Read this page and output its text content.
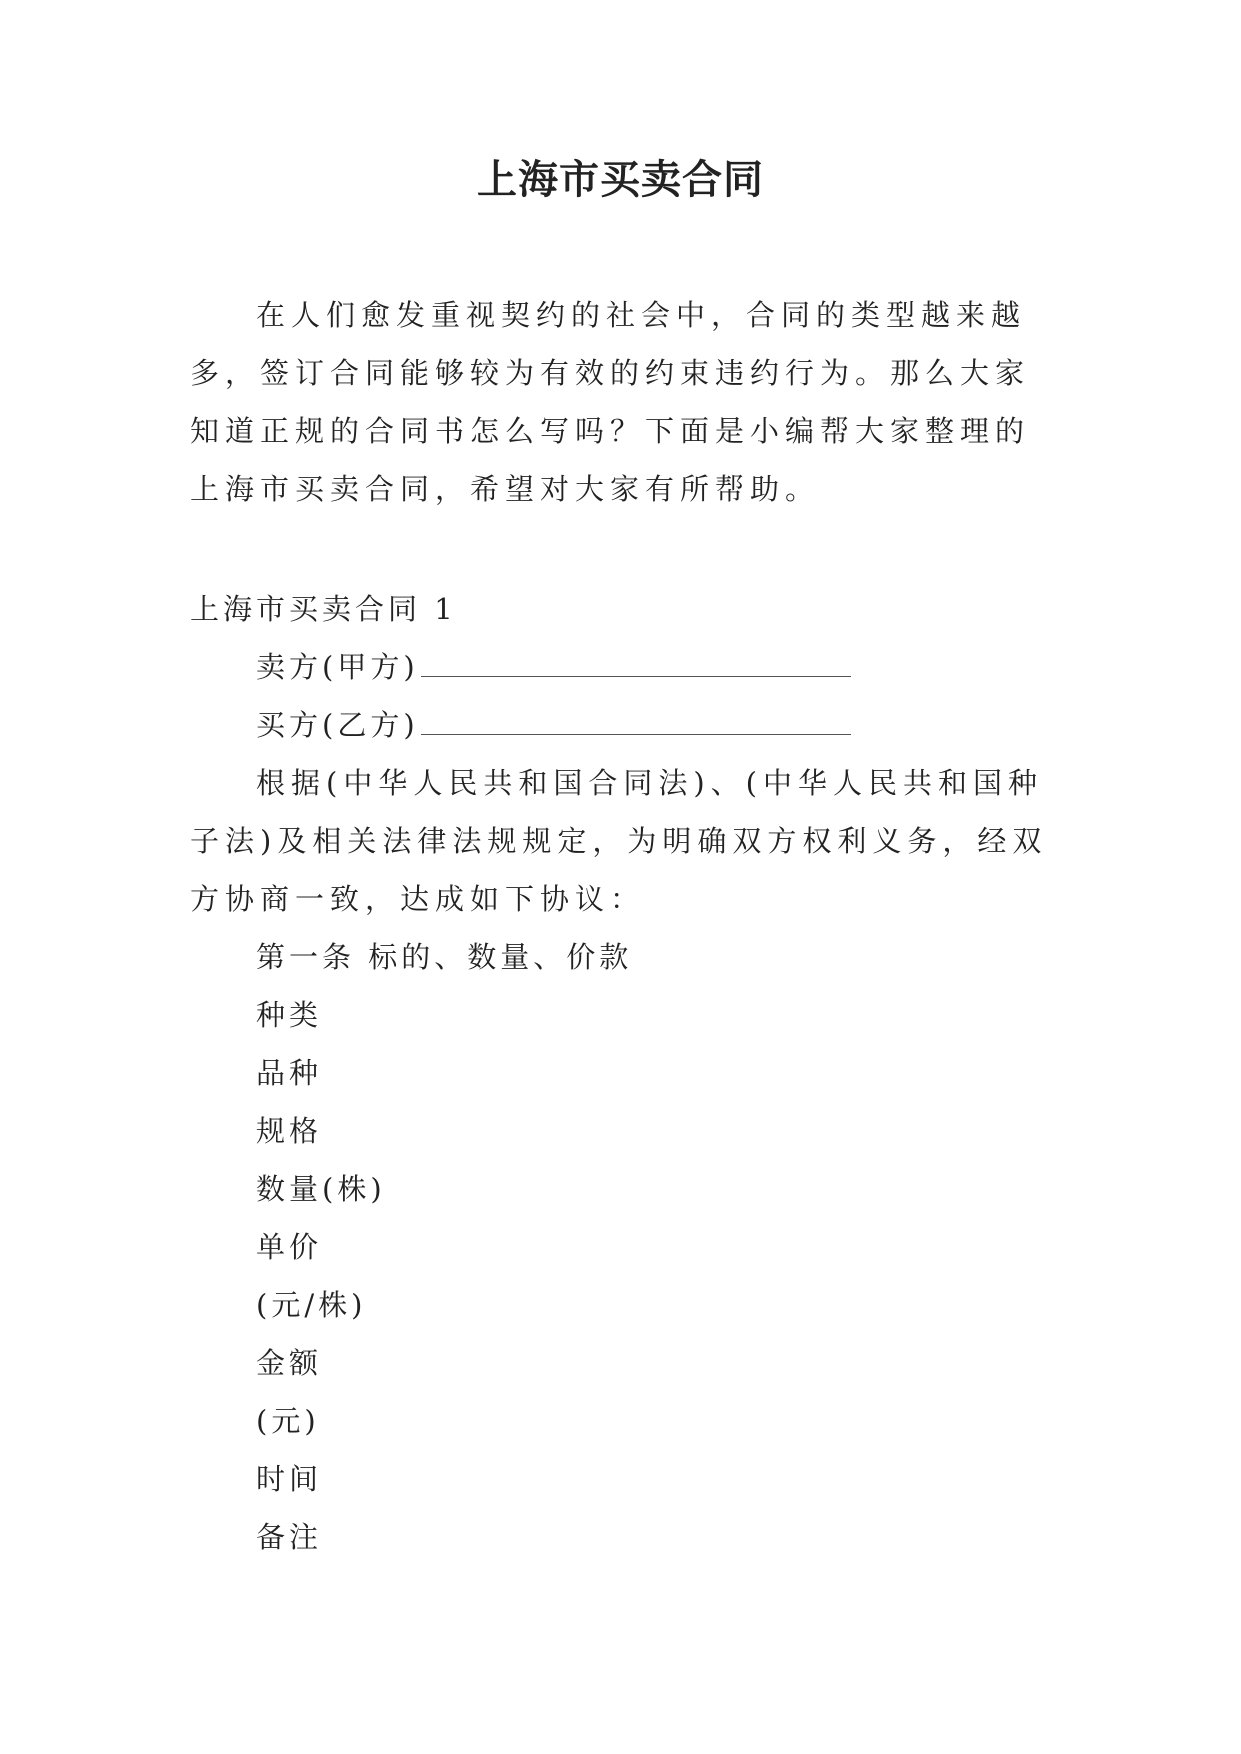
上海市买卖合同

在人们愈发重视契约的社会中，合同的类型越来越多，签订合同能够较为有效的约束违约行为。那么大家知道正规的合同书怎么写吗？下面是小编帮大家整理的上海市买卖合同，希望对大家有所帮助。

上海市买卖合同 1
卖方(甲方)
买方(乙方)

根据(中华人民共和国合同法)、(中华人民共和国种子法)及相关法律法规规定，为明确双方权利义务，经双方协商一致，达成如下协议：

第一条 标的、数量、价款
种类
品种
规格
数量(株)
单价
(元/株)
金额
(元)
时间
备注
